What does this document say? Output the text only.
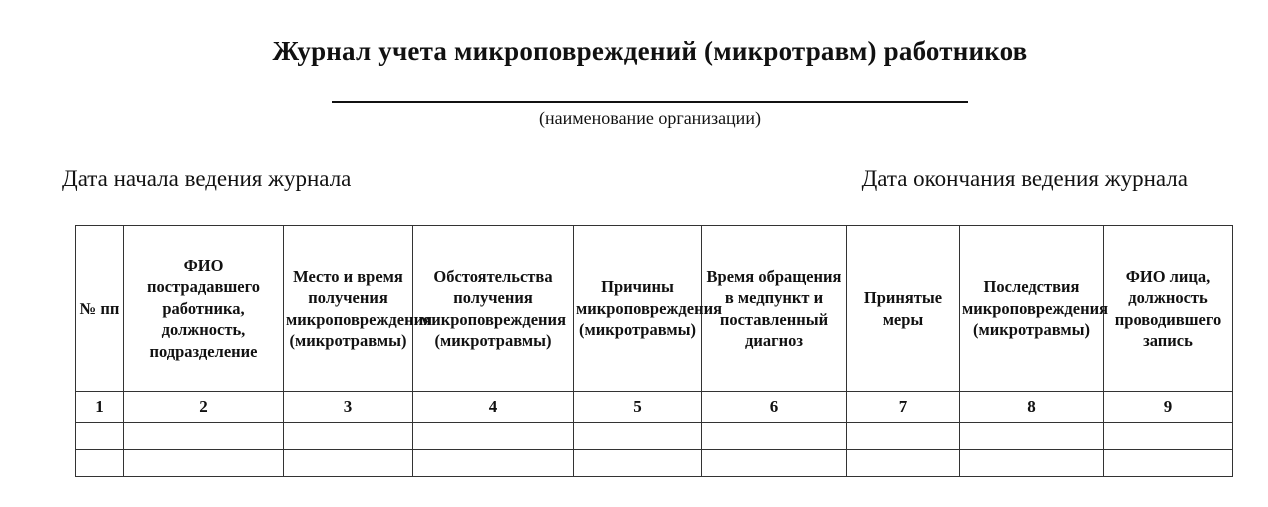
Журнал учета микроповреждений (микротравм) работников
(наименование организации)
Дата начала ведения журнала	Дата окончания ведения журнала
№ пп	ФИО пострадавшего работника, должность, подразделение	Место и время получения микроповреждения (микротравмы)	Обстоятельства получения микроповреждения (микротравмы)	Причины микроповреждения (микротравмы)	Время обращения в медпункт и поставленный диагноз	Принятые меры	Последствия микроповреждения (микротравмы)	ФИО лица, должность проводившего запись
1	2	3	4	5	6	7	8	9
